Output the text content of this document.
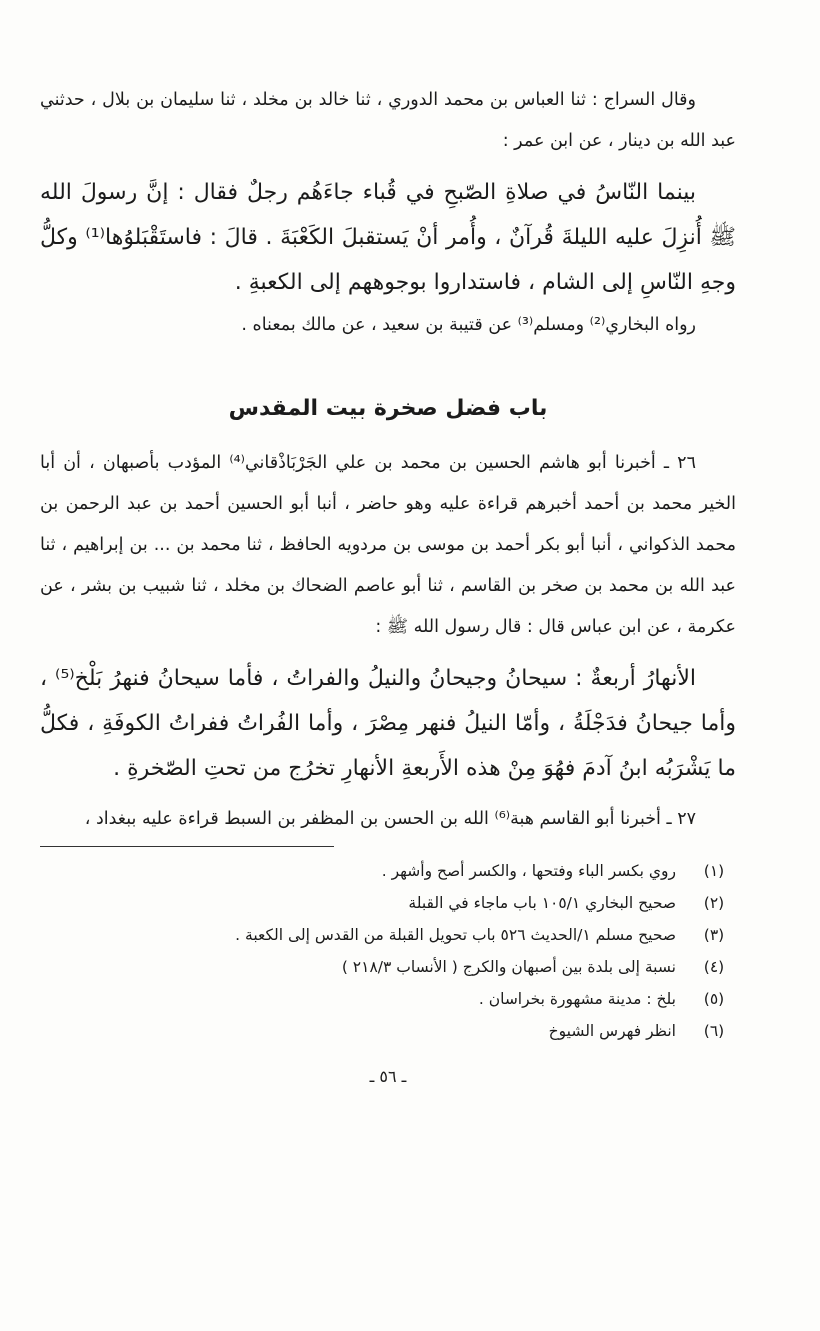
وقال السراج : ثنا العباس بن محمد الدوري ، ثنا خالد بن مخلد ، ثنا سليمان بن بلال ، حدثني عبد الله بن دينار ، عن ابن عمر :

بينما النّاسُ في صلاةِ الصّبحِ في قُباء جاءَهُم رجلٌ فقال : إنَّ رسولَ الله ﷺ أُنزِلَ عليه الليلةَ قُرآنٌ ، وأُمر أنْ يَستقبلَ الكَعْبَةَ . قالَ : فاستَقْبَلوُها⁽¹⁾ وكلُّ وجهِ النّاسِ إلى الشام ، فاستداروا بوجوههم إلى الكعبةِ .

رواه البخاري⁽²⁾ ومسلم⁽³⁾ عن قتيبة بن سعيد ، عن مالك بمعناه .

باب فضل صخرة بيت المقدس

٢٦ ـ أخبرنا أبو هاشم الحسين بن محمد بن علي الجَرْبَاذْقاني⁽⁴⁾ المؤدب بأصبهان ، أن أبا الخير محمد بن أحمد أخبرهم قراءة عليه وهو حاضر ، أنبا أبو الحسين أحمد بن عبد الرحمن بن محمد الذكواني ، أنبا أبو بكر أحمد بن موسى بن مردويه الحافظ ، ثنا محمد بن ... بن إبراهيم ، ثنا عبد الله بن محمد بن صخر بن القاسم ، ثنا أبو عاصم الضحاك بن مخلد ، ثنا شبيب بن بشر ، عن عكرمة ، عن ابن عباس قال : قال رسول الله ﷺ :

الأنهارُ أربعةٌ : سيحانُ وجيحانُ والنيلُ والفراتُ ، فأما سيحانُ فنهرُ بَلْخ⁽⁵⁾ ، وأما جيحانُ فدَجْلَةُ ، وأمّا النيلُ فنهر مِصْرَ ، وأما الفُراتُ ففراتُ الكوفَةِ ، فكلُّ ما يَشْرَبُه ابنُ آدمَ فهُوَ مِنْ هذه الأَربعةِ الأنهارِ تخرُج من تحتِ الصّخرةِ .

٢٧ ـ أخبرنا أبو القاسم هبة⁽⁶⁾ الله بن الحسن بن المظفر بن السبط قراءة عليه ببغداد ،

(١)
روي بكسر الباء وفتحها ، والكسر أصح وأشهر .
(٢)
صحيح البخاري ١٠٥/١ باب ماجاء في القبلة
(٣)
صحيح مسلم ١/الحديث ٥٢٦ باب تحويل القبلة من القدس إلى الكعبة .
(٤)
نسبة إلى بلدة بين أصبهان والكرج ( الأنساب ٢١٨/٣ )
(٥)
بلخ : مدينة مشهورة بخراسان .
(٦)
انظر فهرس الشيوخ
ـ ٥٦ ـ
